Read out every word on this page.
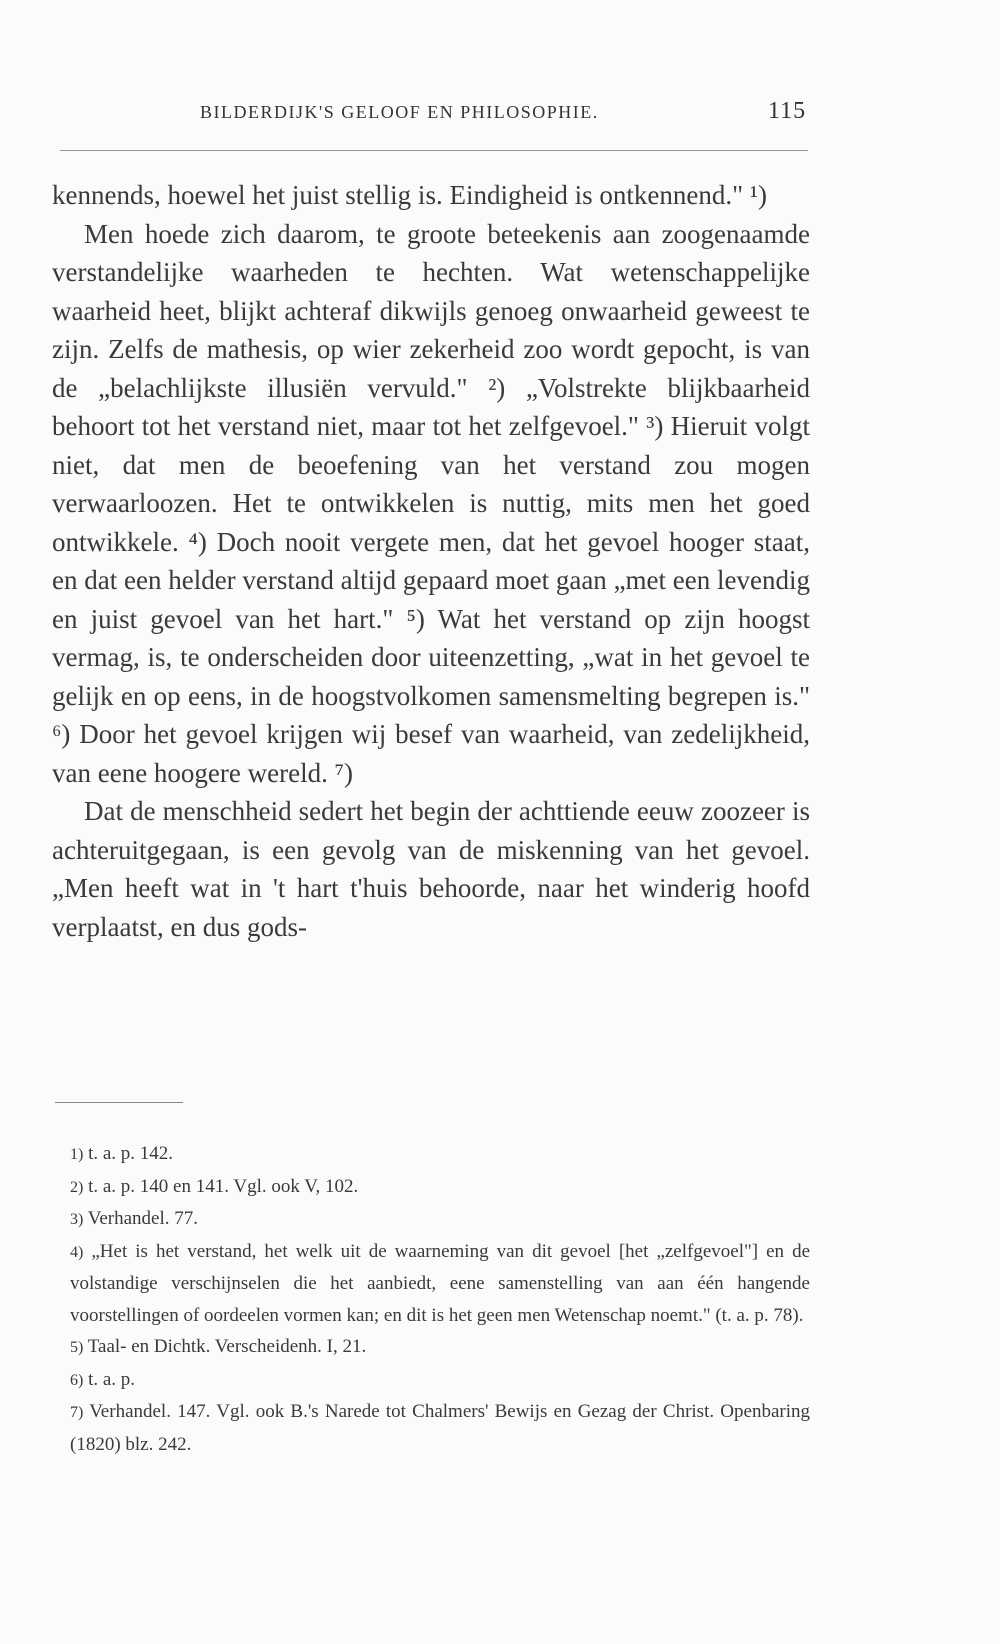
BILDERDIJK'S GELOOF EN PHILOSOPHIE.	115

kennends, hoewel het juist stellig is. Eindigheid is ontkennend." ¹)

Men hoede zich daarom, te groote beteekenis aan zoogenaamde verstandelijke waarheden te hechten. Wat wetenschappelijke waarheid heet, blijkt achteraf dikwijls genoeg onwaarheid geweest te zijn. Zelfs de mathesis, op wier zekerheid zoo wordt gepocht, is van de „belachlijkste illusiën vervuld." ²) „Volstrekte blijkbaarheid behoort tot het verstand niet, maar tot het zelfgevoel." ³) Hieruit volgt niet, dat men de beoefening van het verstand zou mogen verwaarloozen. Het te ontwikkelen is nuttig, mits men het goed ontwikkele. ⁴) Doch nooit vergete men, dat het gevoel hooger staat, en dat een helder verstand altijd gepaard moet gaan „met een levendig en juist gevoel van het hart." ⁵) Wat het verstand op zijn hoogst vermag, is, te onderscheiden door uiteenzetting, „wat in het gevoel te gelijk en op eens, in de hoogstvolkomen samensmelting begrepen is." ⁶) Door het gevoel krijgen wij besef van waarheid, van zedelijkheid, van eene hoogere wereld. ⁷)

Dat de menschheid sedert het begin der achttiende eeuw zoozeer is achteruitgegaan, is een gevolg van de miskenning van het gevoel. „Men heeft wat in 't hart t'huis behoorde, naar het winderig hoofd verplaatst, en dus gods-

1) t. a. p. 142.

2) t. a. p. 140 en 141. Vgl. ook V, 102.

3) Verhandel. 77.

4) „Het is het verstand, het welk uit de waarneming van dit gevoel [het „zelfgevoel"] en de volstandige verschijnselen die het aanbiedt, eene samenstelling van aan één hangende voorstellingen of oordeelen vormen kan; en dit is het geen men Wetenschap noemt." (t. a. p. 78).

5) Taal- en Dichtk. Verscheidenh. I, 21.

6) t. a. p.

7) Verhandel. 147. Vgl. ook B.'s Narede tot Chalmers' Bewijs en Gezag der Christ. Openbaring (1820) blz. 242.
